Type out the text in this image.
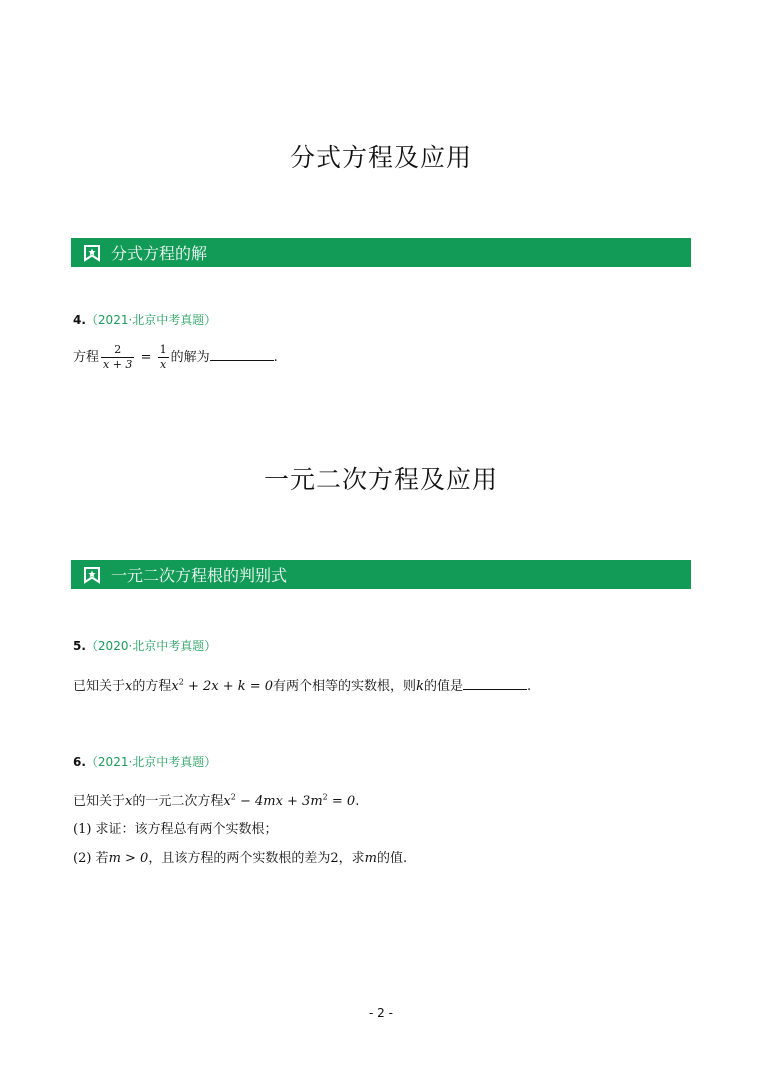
分式方程及应用
分式方程的解
4.（2021·北京中考真题）
方程 $\frac{2}{x + 3} = \frac{1}{x}$ 的解为	.
一元二次方程及应用
一元二次方程根的判别式
5.（2020·北京中考真题）
已知关于x的方程$x^2 + 2x + k = 0$有两个相等的实数根，则k的值是	.
6.（2021·北京中考真题）
已知关于x的一元二次方程$x^2 - 4mx + 3m^2 = 0$.
(1) 求证：该方程总有两个实数根；
(2) 若m > 0，且该方程的两个实数根的差为2，求m的值.
- 2 -
